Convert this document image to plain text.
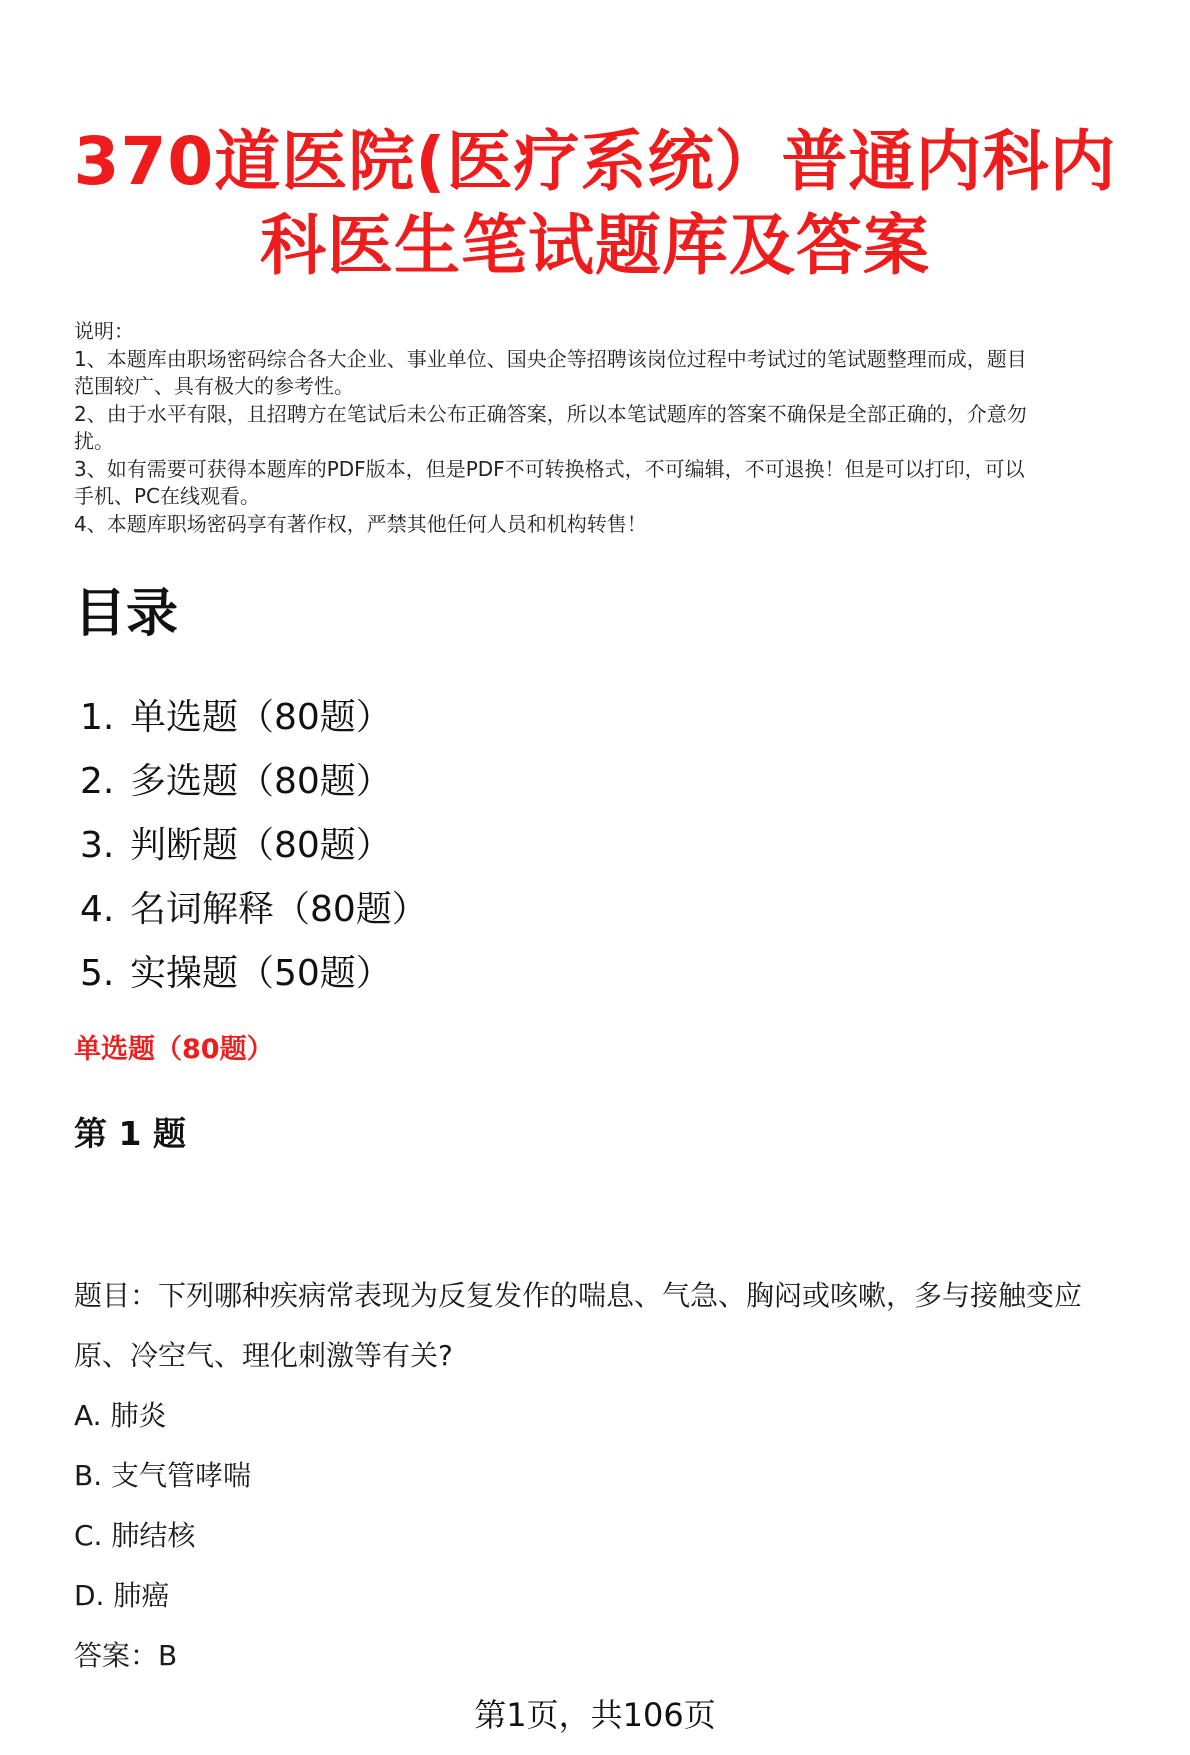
370道医院(医疗系统）普通内科内
科医生笔试题库及答案
说明：
1、本题库由职场密码综合各大企业、事业单位、国央企等招聘该岗位过程中考试过的笔试题整理而成，题目
范围较广、具有极大的参考性。
2、由于水平有限，且招聘方在笔试后未公布正确答案，所以本笔试题库的答案不确保是全部正确的，介意勿
扰。
3、如有需要可获得本题库的PDF版本，但是PDF不可转换格式，不可编辑，不可退换！但是可以打印，可以
手机、PC在线观看。
4、本题库职场密码享有著作权，严禁其他任何人员和机构转售！
目录
1. 单选题（80题）
2. 多选题（80题）
3. 判断题（80题）
4. 名词解释（80题）
5. 实操题（50题）
单选题（80题）
第 1 题
题目：下列哪种疾病常表现为反复发作的喘息、气急、胸闷或咳嗽，多与接触变应
原、冷空气、理化刺激等有关?
A. 肺炎
B. 支气管哮喘
C. 肺结核
D. 肺癌
答案：B
第1页，共106页
